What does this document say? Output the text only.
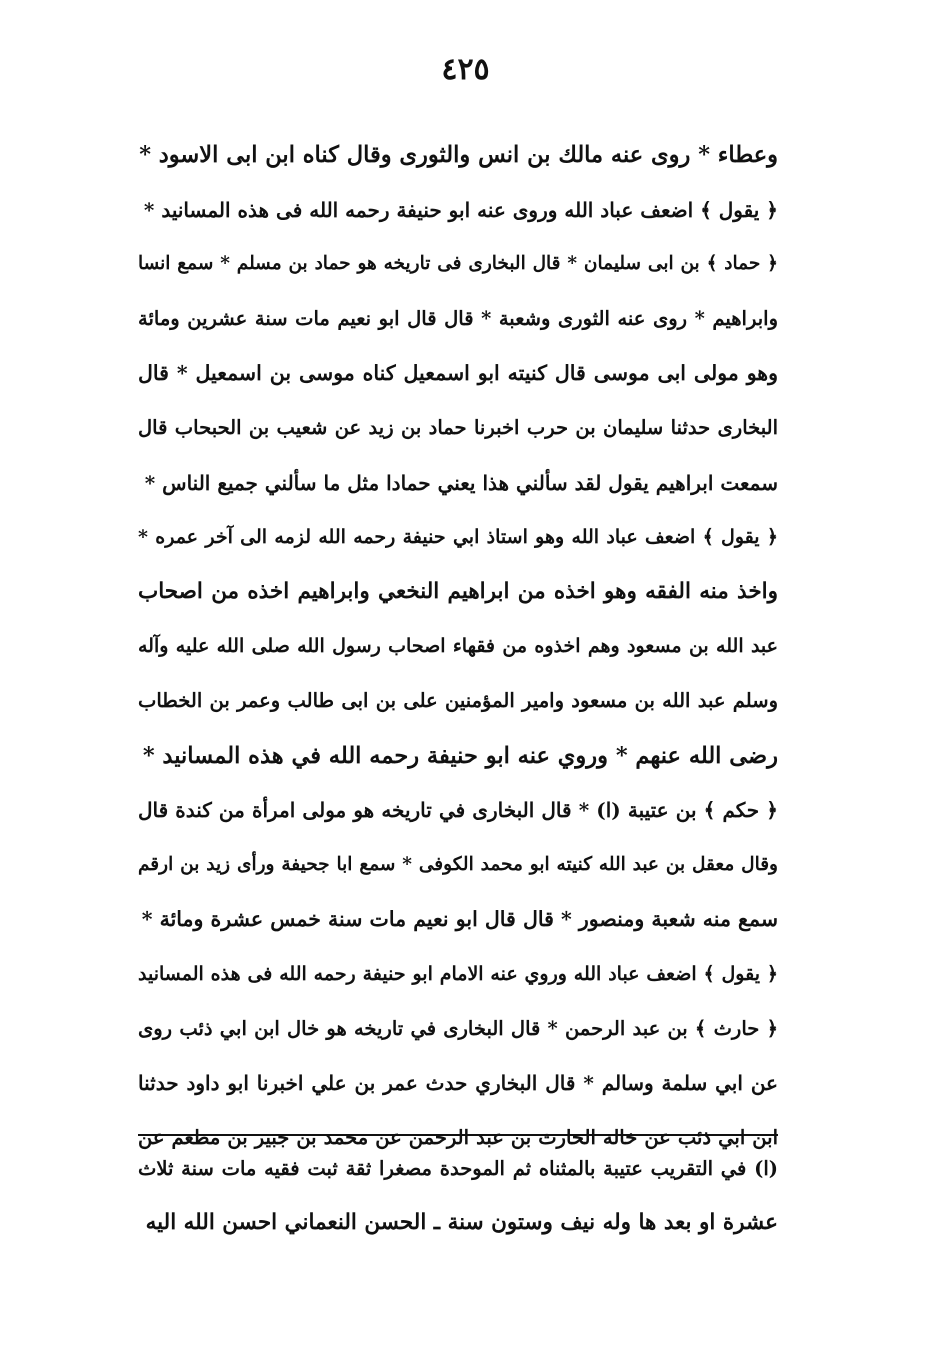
٤٢٥
وعطاء * روى عنه مالك بن انس والثورى وقال كناه ابن ابى الاسود *
﴿ يقول ﴾ اضعف عباد الله وروى عنه ابو حنيفة رحمه الله فى هذه المسانيد *
﴿ حماد ﴾ بن ابى سليمان * قال البخارى فى تاريخه هو حماد بن مسلم * سمع انسا
وابراهيم * روى عنه الثورى وشعبة * قال قال ابو نعيم مات سنة عشرين ومائة
وهو مولى ابى موسى قال كنيته ابو اسمعيل كناه موسى بن اسمعيل * قال
البخارى حدثنا سليمان بن حرب اخبرنا حماد بن زيد عن شعيب بن الحبحاب قال
سمعت ابراهيم يقول لقد سألني هذا يعني حمادا مثل ما سألني جميع الناس *
﴿ يقول ﴾ اضعف عباد الله وهو استاذ ابي حنيفة رحمه الله لزمه الى آخر عمره *
واخذ منه الفقه وهو اخذه من ابراهيم النخعي وابراهيم اخذه من اصحاب
عبد الله بن مسعود وهم اخذوه من فقهاء اصحاب رسول الله صلى الله عليه وآله
وسلم عبد الله بن مسعود وامير المؤمنين على بن ابى طالب وعمر بن الخطاب
رضى الله عنهم * وروي عنه ابو حنيفة رحمه الله في هذه المسانيد *
﴿ حكم ﴾ بن عتيبة (ا) * قال البخارى في تاريخه هو مولى امرأة من كندة قال
وقال معقل بن عبد الله كنيته ابو محمد الكوفى * سمع ابا جحيفة ورأى زيد بن ارقم
سمع منه شعبة ومنصور * قال قال ابو نعيم مات سنة خمس عشرة ومائة *
﴿ يقول ﴾ اضعف عباد الله وروي عنه الامام ابو حنيفة رحمه الله فى هذه المسانيد
﴿ حارث ﴾ بن عبد الرحمن * قال البخارى في تاريخه هو خال ابن ابي ذئب روى
عن ابي سلمة وسالم * قال البخاري حدث عمر بن علي اخبرنا ابو داود حدثنا
ابن ابي ذئب عن خاله الحارث بن عبد الرحمن عن محمد بن جبير بن مطعم عن
(ا) في التقريب عتيبة بالمثناه ثم الموحدة مصغرا ثقة ثبت فقيه مات سنة ثلاث
عشرة او بعد ها وله نيف وستون سنة ـ الحسن النعماني احسن الله اليه
